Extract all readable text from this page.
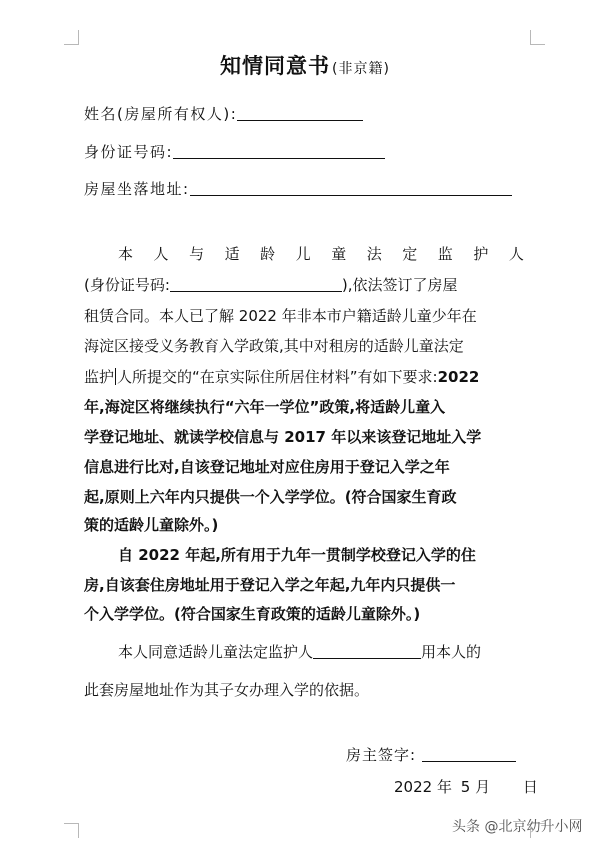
知情同意书 (非京籍)
姓名(房屋所有权人):
身份证号码:
房屋坐落地址:
本 人 与 适 龄 儿 童 法 定 监 护 人
(身份证号码:	),依法签订了房屋
租赁合同。本人已了解 2022 年非本市户籍适龄儿童少年在
海淀区接受义务教育入学政策,其中对租房的适龄儿童法定
监护 人所提交的“在京实际住所居住材料”有如下要求:2022
年,海淀区将继续执行“六年一学位”政策,将适龄儿童入
学登记地址、就读学校信息与 2017 年以来该登记地址入学
信息进行比对,自该登记地址对应住房用于登记入学之年
起,原则上六年内只提供一个入学学位。(符合国家生育政
策的适龄儿童除外。)
自 2022 年起,所有用于九年一贯制学校登记入学的住
房,自该套住房地址用于登记入学之年起,九年内只提供一
个入学学位。(符合国家生育政策的适龄儿童除外。)
本人同意适龄儿童法定监护人	用本人的
此套房屋地址作为其子女办理入学的依据。
房主签字:
2022 年 5 月 日
头条 @北京幼升小网
